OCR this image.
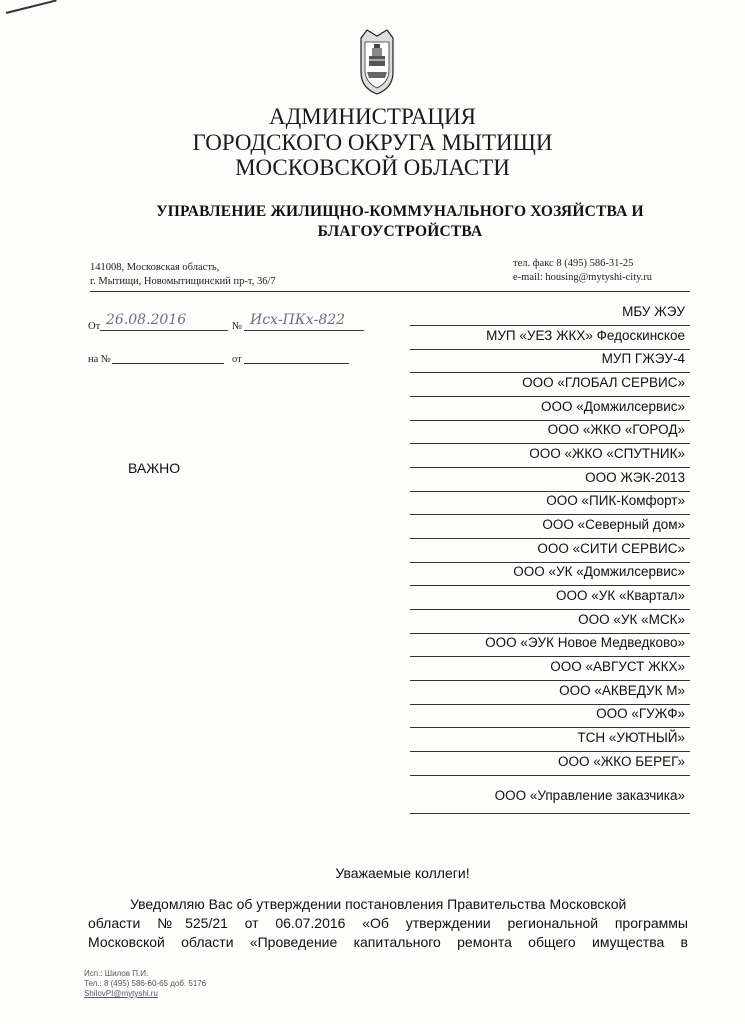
АДМИНИСТРАЦИЯ
ГОРОДСКОГО ОКРУГА МЫТИЩИ
МОСКОВСКОЙ ОБЛАСТИ
УПРАВЛЕНИЕ ЖИЛИЩНО-КОММУНАЛЬНОГО ХОЗЯЙСТВА И
БЛАГОУСТРОЙСТВА
141008, Московская область,
г. Мытищи, Новомытищинский пр-т, 36/7
тел. факс 8 (495) 586-31-25
e-mail: housing@mytyshi-city.ru
От 26.08.2016	№ Исх-ПКх-822
на №	от
ВАЖНО
МБУ ЖЭУ
МУП «УЕЗ ЖКХ» Федоскинское
МУП ГЖЭУ-4
ООО «ГЛОБАЛ СЕРВИС»
ООО «Домжилсервис»
ООО «ЖКО «ГОРОД»
ООО «ЖКО «СПУТНИК»
ООО ЖЭК-2013
ООО «ПИК-Комфорт»
ООО «Северный дом»
ООО «СИТИ СЕРВИС»
ООО «УК «Домжилсервис»
ООО «УК «Квартал»
ООО «УК «МСК»
ООО «ЭУК Новое Медведково»
ООО «АВГУСТ ЖКХ»
ООО «АКВЕДУК М»
ООО «ГУЖФ»
ТСН «УЮТНЫЙ»
ООО «ЖКО БЕРЕГ»
ООО «Управление заказчика»
Уважаемые коллеги!
Уведомляю Вас об утверждении постановления Правительства Московской
области №525/21 от 06.07.2016 «Об утверждении региональной программы
Московской области «Проведение капитального ремонта общего имущества в
Исп.: Шилов П.И.
Тел.: 8 (495) 586-60-65 доб. 5176
ShilovPI@mytyshi.ru
